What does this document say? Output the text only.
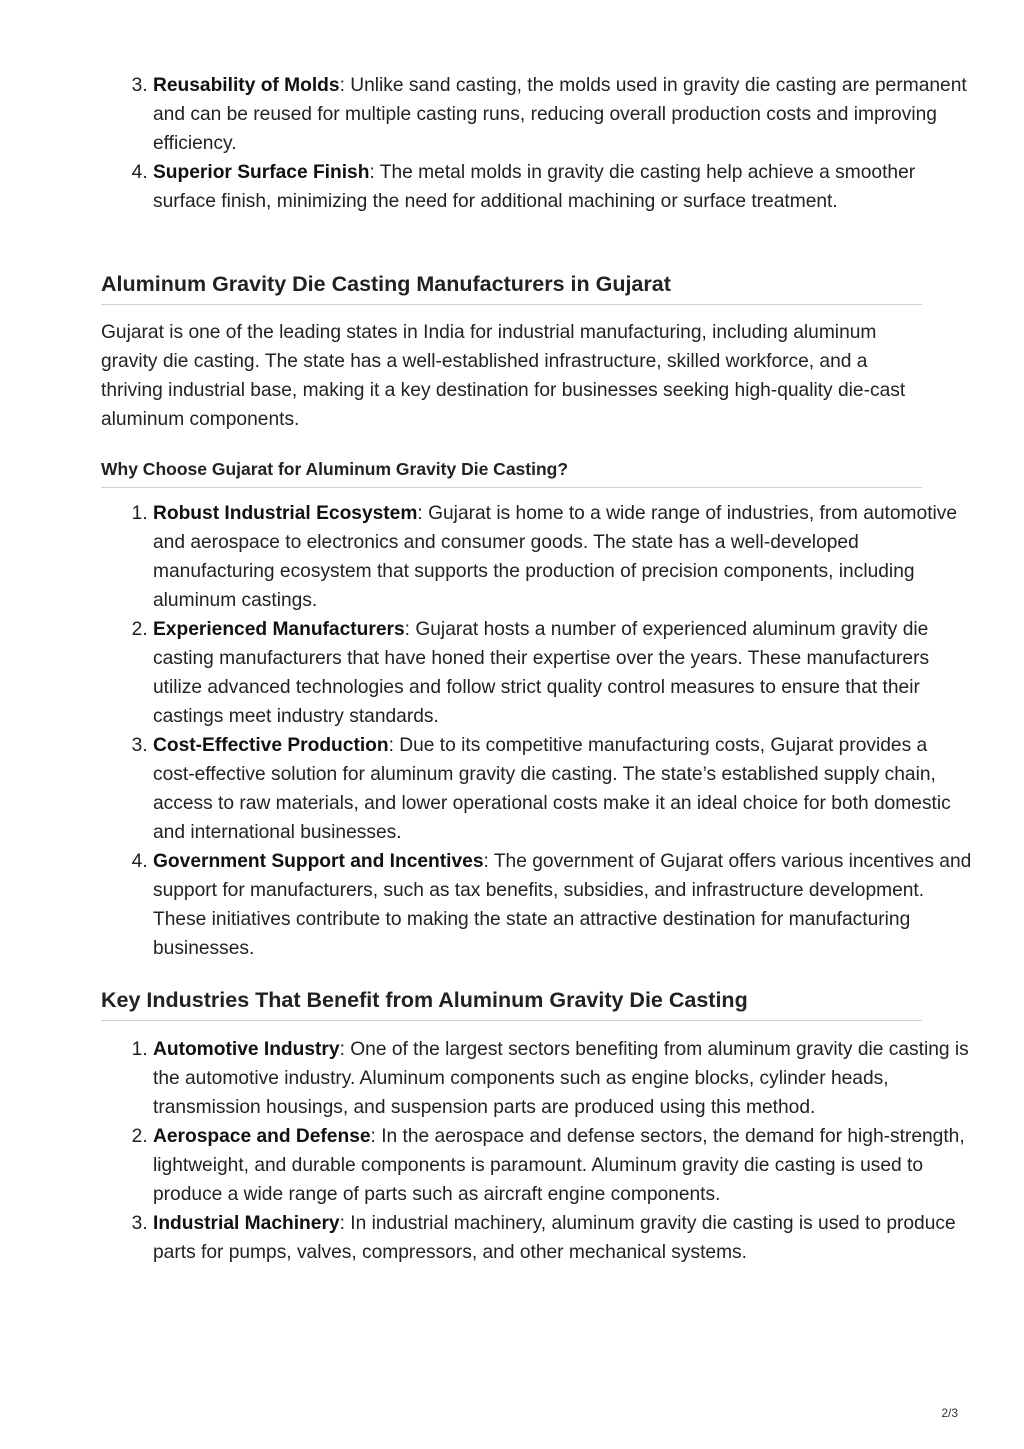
3. Reusability of Molds: Unlike sand casting, the molds used in gravity die casting are permanent and can be reused for multiple casting runs, reducing overall production costs and improving efficiency.
4. Superior Surface Finish: The metal molds in gravity die casting help achieve a smoother surface finish, minimizing the need for additional machining or surface treatment.
Aluminum Gravity Die Casting Manufacturers in Gujarat

Gujarat is one of the leading states in India for industrial manufacturing, including aluminum gravity die casting. The state has a well-established infrastructure, skilled workforce, and a thriving industrial base, making it a key destination for businesses seeking high-quality die-cast aluminum components.

Why Choose Gujarat for Aluminum Gravity Die Casting?
1. Robust Industrial Ecosystem: Gujarat is home to a wide range of industries, from automotive and aerospace to electronics and consumer goods. The state has a well-developed manufacturing ecosystem that supports the production of precision components, including aluminum castings.
2. Experienced Manufacturers: Gujarat hosts a number of experienced aluminum gravity die casting manufacturers that have honed their expertise over the years. These manufacturers utilize advanced technologies and follow strict quality control measures to ensure that their castings meet industry standards.
3. Cost-Effective Production: Due to its competitive manufacturing costs, Gujarat provides a cost-effective solution for aluminum gravity die casting. The state’s established supply chain, access to raw materials, and lower operational costs make it an ideal choice for both domestic and international businesses.
4. Government Support and Incentives: The government of Gujarat offers various incentives and support for manufacturers, such as tax benefits, subsidies, and infrastructure development. These initiatives contribute to making the state an attractive destination for manufacturing businesses.
Key Industries That Benefit from Aluminum Gravity Die Casting
1. Automotive Industry: One of the largest sectors benefiting from aluminum gravity die casting is the automotive industry. Aluminum components such as engine blocks, cylinder heads, transmission housings, and suspension parts are produced using this method.
2. Aerospace and Defense: In the aerospace and defense sectors, the demand for high-strength, lightweight, and durable components is paramount. Aluminum gravity die casting is used to produce a wide range of parts such as aircraft engine components.
3. Industrial Machinery: In industrial machinery, aluminum gravity die casting is used to produce parts for pumps, valves, compressors, and other mechanical systems.
2/3
